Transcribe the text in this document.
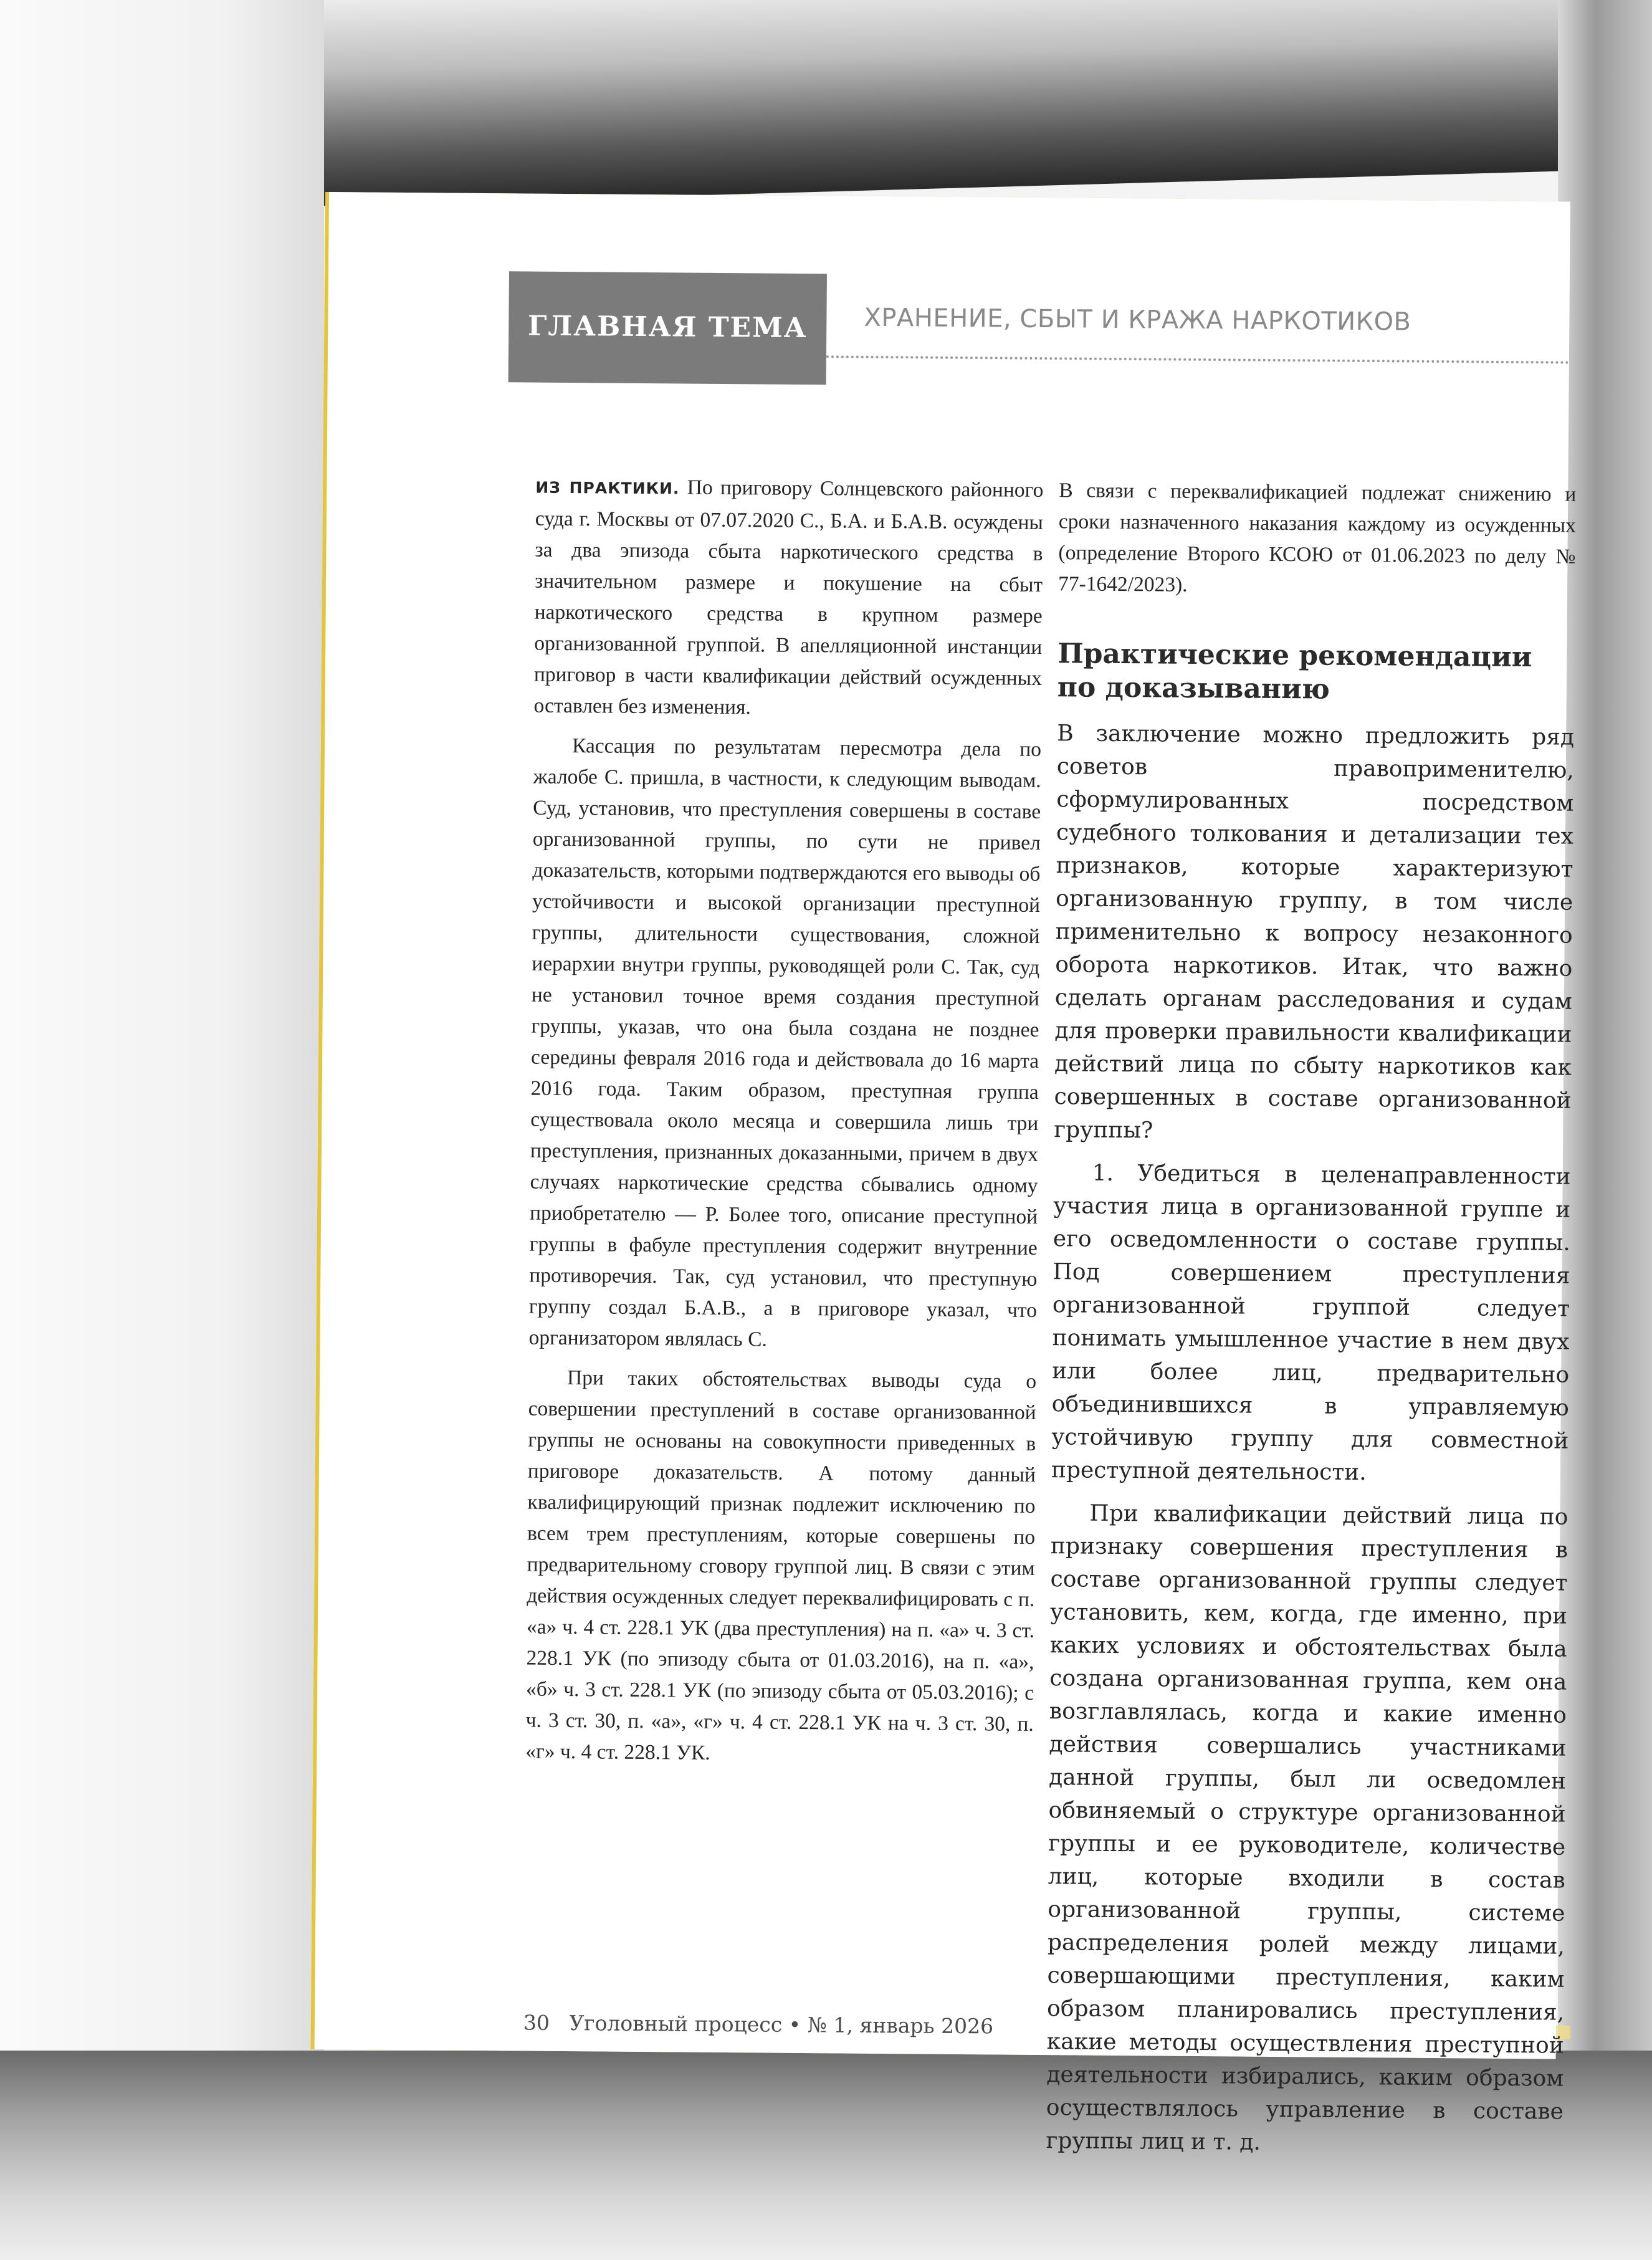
ГЛАВНАЯ ТЕМА	ХРАНЕНИЕ, СБЫТ И КРАЖА НАРКОТИКОВ

ИЗ ПРАКТИКИ. По приговору Солнцевского районного суда г. Москвы от 07.07.2020 С., Б.А. и Б.А.В. осуждены за два эпизода сбыта наркотического средства в значительном размере и покушение на сбыт наркотического средства в крупном размере организованной группой. В апелляционной инстанции приговор в части квалификации действий осужденных оставлен без изменения.

Кассация по результатам пересмотра дела по жалобе С. пришла, в частности, к следующим выводам. Суд, установив, что преступления совершены в составе организованной группы, по сути не привел доказательств, которыми подтверждаются его выводы об устойчивости и высокой организации преступной группы, длительности существования, сложной иерархии внутри группы, руководящей роли С. Так, суд не установил точное время создания преступной группы, указав, что она была создана не позднее середины февраля 2016 года и действовала до 16 марта 2016 года. Таким образом, преступная группа существовала около месяца и совершила лишь три преступления, признанных доказанными, причем в двух случаях наркотические средства сбывались одному приобретателю — Р. Более того, описание преступной группы в фабуле преступления содержит внутренние противоречия. Так, суд установил, что преступную группу создал Б.А.В., а в приговоре указал, что организатором являлась С.

При таких обстоятельствах выводы суда о совершении преступлений в составе организованной группы не основаны на совокупности приведенных в приговоре доказательств. А потому данный квалифицирующий признак подлежит исключению по всем трем преступлениям, которые совершены по предварительному сговору группой лиц. В связи с этим действия осужденных следует переквалифицировать с п. «а» ч. 4 ст. 228.1 УК (два преступления) на п. «а» ч. 3 ст. 228.1 УК (по эпизоду сбыта от 01.03.2016), на п. «а», «б» ч. 3 ст. 228.1 УК (по эпизоду сбыта от 05.03.2016); с ч. 3 ст. 30, п. «а», «г» ч. 4 ст. 228.1 УК на ч. 3 ст. 30, п. «г» ч. 4 ст. 228.1 УК.

В связи с переквалификацией подлежат снижению и сроки назначенного наказания каждому из осужденных (определение Второго КСОЮ от 01.06.2023 по делу № 77-1642/2023).

Практические рекомендации по доказыванию

В заключение можно предложить ряд советов правоприменителю, сформулированных посредством судебного толкования и детализации тех признаков, которые характеризуют организованную группу, в том числе применительно к вопросу незаконного оборота наркотиков. Итак, что важно сделать органам расследования и судам для проверки правильности квалификации действий лица по сбыту наркотиков как совершенных в составе организованной группы?

1. Убедиться в целенаправленности участия лица в организованной группе и его осведомленности о составе группы. Под совершением преступления организованной группой следует понимать умышленное участие в нем двух или более лиц, предварительно объединившихся в управляемую устойчивую группу для совместной преступной деятельности.

При квалификации действий лица по признаку совершения преступления в составе организованной группы следует установить, кем, когда, где именно, при каких условиях и обстоятельствах была создана организованная группа, кем она возглавлялась, когда и какие именно действия совершались участниками данной группы, был ли осведомлен обвиняемый о структуре организованной группы и ее руководителе, количестве лиц, которые входили в состав организованной группы, системе распределения ролей между лицами, совершающими преступления, каким образом планировались преступления, какие методы осуществления преступной деятельности избирались, каким образом осуществлялось управление в составе группы лиц и т. д.

30 Уголовный процесс • № 1, январь 2026
